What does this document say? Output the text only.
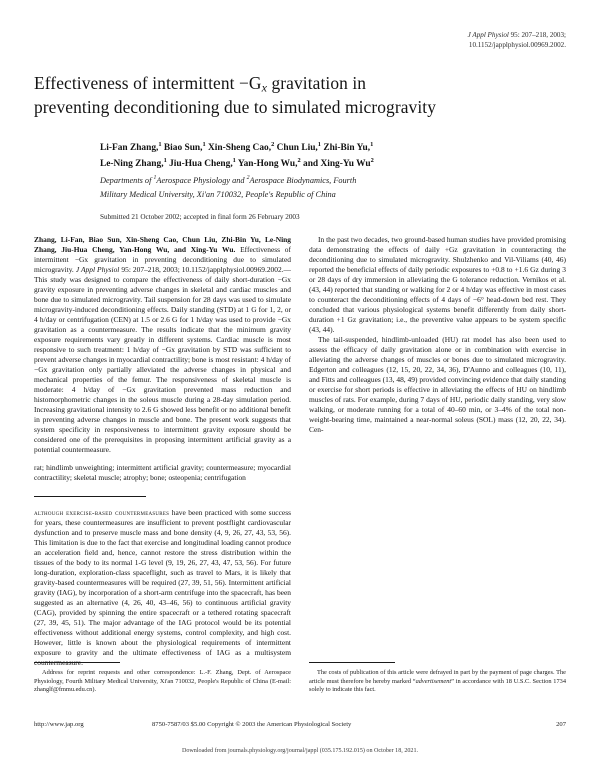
J Appl Physiol 95: 207–218, 2003;
10.1152/japplphysiol.00969.2002.
Effectiveness of intermittent $-G_x$ gravitation in
preventing deconditioning due to simulated microgravity
Li-Fan Zhang,$^1$ Biao Sun,$^1$ Xin-Sheng Cao,$^2$ Chun Liu,$^1$ Zhi-Bin Yu,$^1$
Le-Ning Zhang,$^1$ Jiu-Hua Cheng,$^1$ Yan-Hong Wu,$^2$ and Xing-Yu Wu$^2$
Departments of $^1$Aerospace Physiology and $^2$Aerospace Biodynamics, Fourth
Military Medical University, Xi'an 710032, People's Republic of China
Submitted 21 October 2002; accepted in final form 26 February 2003

Zhang, Li-Fan, Biao Sun, Xin-Sheng Cao, Chun Liu, Zhi-Bin Yu, Le-Ning Zhang, Jiu-Hua Cheng, Yan-Hong Wu, and Xing-Yu Wu. Effectiveness of intermittent −Gx gravitation in preventing deconditioning due to simulated microgravity. J Appl Physiol 95: 207–218, 2003; 10.1152/japplphysiol.00969.2002.—This study was designed to compare the effectiveness of daily short-duration −Gx gravity exposure in preventing adverse changes in skeletal and cardiac muscles and bone due to simulated microgravity. Tail suspension for 28 days was used to simulate microgravity-induced deconditioning effects. Daily standing (STD) at 1 G for 1, 2, or 4 h/day or centrifugation (CEN) at 1.5 or 2.6 G for 1 h/day was used to provide −Gx gravitation as a countermeasure. The results indicate that the minimum gravity exposure requirements vary greatly in different systems. Cardiac muscle is most responsive to such treatment: 1 h/day of −Gx gravitation by STD was sufficient to prevent adverse changes in myocardial contractility; bone is most resistant: 4 h/day of −Gx gravitation only partially alleviated the adverse changes in physical and mechanical properties of the femur. The responsiveness of skeletal muscle is moderate: 4 h/day of −Gx gravitation prevented mass reduction and histomorphometric changes in the soleus muscle during a 28-day simulation period. Increasing gravitational intensity to 2.6 G showed less benefit or no additional benefit in preventing adverse changes in muscle and bone. The present work suggests that system specificity in responsiveness to intermittent gravity exposure should be considered one of the prerequisites in proposing intermittent artificial gravity as a potential countermeasure.

rat; hindlimb unweighting; intermittent artificial gravity; countermeasure; myocardial contractility; skeletal muscle; atrophy; bone; osteopenia; centrifugation

although exercise-based countermeasures have been practiced with some success for years, these countermeasures are insufficient to prevent postflight cardiovascular dysfunction and to preserve muscle mass and bone density (4, 9, 26, 27, 43, 53, 56). This limitation is due to the fact that exercise and longitudinal loading cannot produce an acceleration field and, hence, cannot restore the stress distribution within the tissues of the body to its normal 1-G level (9, 19, 26, 27, 43, 47, 53, 56). For future long-duration, exploration-class spaceflight, such as travel to Mars, it is likely that gravity-based countermeasures will be required (27, 39, 51, 56). Intermittent artificial gravity (IAG), by incorporation of a short-arm centrifuge into the spacecraft, has been suggested as an alternative (4, 26, 40, 43–46, 56) to continuous artificial gravity (CAG), provided by spinning the entire spacecraft or a tethered rotating spacecraft (27, 39, 45, 51). The major advantage of the IAG protocol would be its potential effectiveness without additional energy systems, control complexity, and high cost. However, little is known about the physiological requirements of intermittent exposure to gravity and the ultimate effectiveness of IAG as a multisystem countermeasure.

In the past two decades, two ground-based human studies have provided promising data demonstrating the effects of daily +Gz gravitation in counteracting the deconditioning due to simulated microgravity. Shulzhenko and Vil-Viliams (40, 46) reported the beneficial effects of daily periodic exposures to +0.8 to +1.6 Gz during 3 or 28 days of dry immersion in alleviating the G tolerance reduction. Vernikos et al. (43, 44) reported that standing or walking for 2 or 4 h/day was effective in most cases to counteract the deconditioning effects of 4 days of −6° head-down bed rest. They concluded that various physiological systems benefit differently from daily short-duration +1 Gz gravitation; i.e., the preventive value appears to be system specific (43, 44).

The tail-suspended, hindlimb-unloaded (HU) rat model has also been used to assess the efficacy of daily gravitation alone or in combination with exercise in alleviating the adverse changes of muscles or bones due to simulated microgravity. Edgerton and colleagues (12, 15, 20, 22, 34, 36), D'Aunno and colleagues (10, 11), and Fitts and colleagues (13, 48, 49) provided convincing evidence that daily standing or exercise for short periods is effective in alleviating the effects of HU on hindlimb muscles of rats. For example, during 7 days of HU, periodic daily standing, very slow walking, or moderate running for a total of 40–60 min, or 3–4% of the total non-weight-bearing time, maintained a near-normal soleus (SOL) mass (12, 20, 22, 34). Cen-

Address for reprint requests and other correspondence: L.-F. Zhang, Dept. of Aerospace Physiology, Fourth Military Medical University, Xi'an 710032, People's Republic of China (E-mail: zhanglf@fmmu.edu.cn).

The costs of publication of this article were defrayed in part by the payment of page charges. The article must therefore be hereby marked “advertisement” in accordance with 18 U.S.C. Section 1734 solely to indicate this fact.

http://www.jap.org	8750-7587/03 $5.00 Copyright © 2003 the American Physiological Society	207
Downloaded from journals.physiology.org/journal/jappl (035.175.192.015) on October 18, 2021.
